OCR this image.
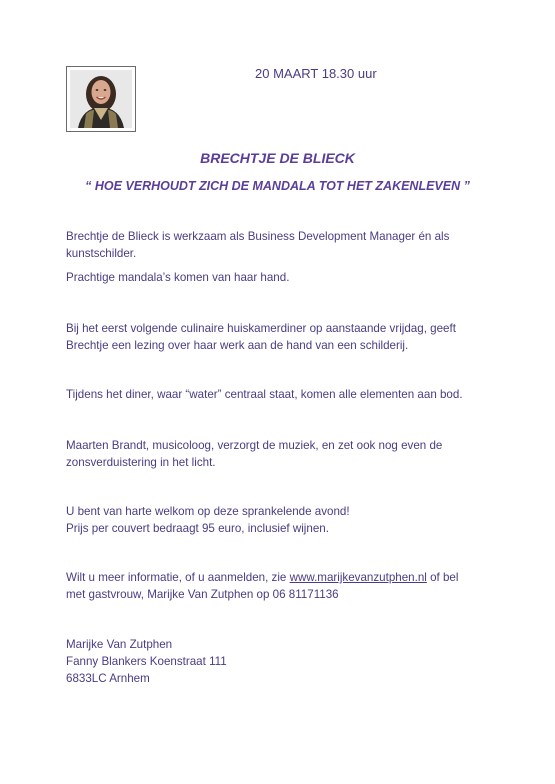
20 MAART 18.30 uur
BRECHTJE DE BLIECK
“ HOE VERHOUDT ZICH DE MANDALA TOT HET ZAKENLEVEN ”
Brechtje de Blieck is werkzaam als Business Development Manager én als
kunstschilder.
Prachtige mandala’s komen van haar hand.
Bij het eerst volgende culinaire huiskamerdiner op aanstaande vrijdag, geeft
Brechtje een lezing over haar werk aan de hand van een schilderij.
Tijdens het diner, waar “water” centraal staat, komen alle elementen aan bod.
Maarten Brandt, musicoloog, verzorgt de muziek, en zet ook nog even de
zonsverduistering in het licht.
U bent van harte welkom op deze sprankelende avond!
Prijs per couvert bedraagt 95 euro, inclusief wijnen.
Wilt u meer informatie, of u aanmelden, zie www.marijkevanzutphen.nl of bel
met gastvrouw, Marijke Van Zutphen op 06 81171136
Marijke Van Zutphen
Fanny Blankers Koenstraat 111
6833LC Arnhem
